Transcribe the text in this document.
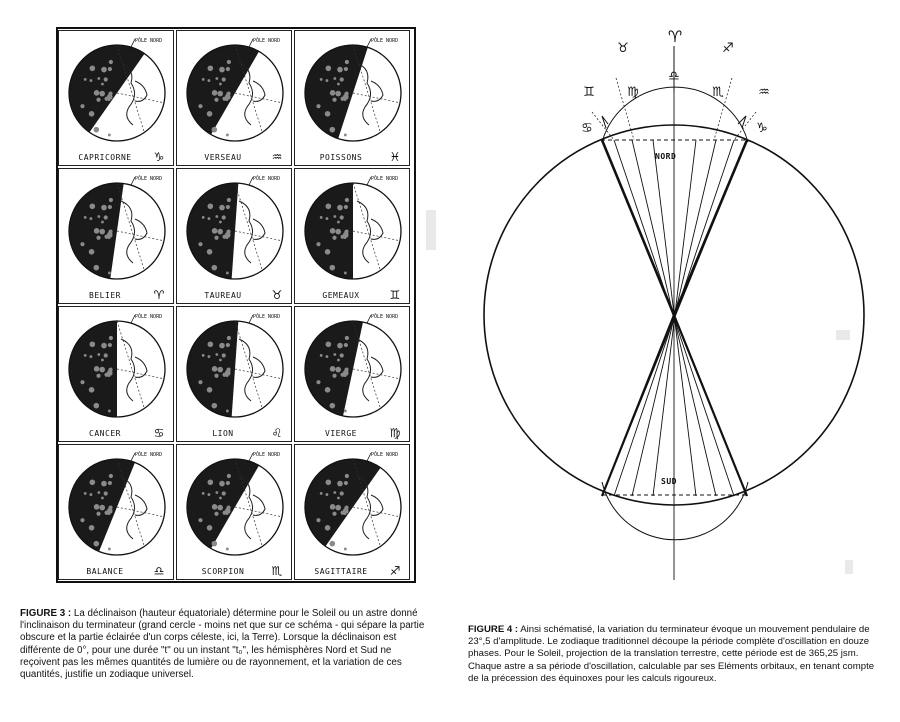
FIGURE 3 : La déclinaison (hauteur équatoriale) détermine pour le Soleil ou un astre donné l'inclinaison du terminateur (grand cercle - moins net que sur ce schéma - qui sépare la partie obscure et la partie éclairée d'un corps céleste, ici, la Terre). Lorsque la déclinaison est différente de 0°, pour une durée "t" ou un instant "t₀", les hémisphères Nord et Sud ne reçoivent pas les mêmes quantités de lumière ou de rayonnement, et la variation de ces quantités, justifie un zodiaque universel.
♈
♉	♐
♊	♍
♎
♏	♒
♋	♑
NORD
SUD
FIGURE 4 : Ainsi schématisé, la variation du terminateur évoque un mouvement pendulaire de 23°,5 d'amplitude. Le zodiaque traditionnel découpe la période complète d'oscillation en douze phases. Pour le Soleil, projection de la translation terrestre, cette période est de 365,25 jsm. Chaque astre a sa période d'oscillation, calculable par ses Eléments orbitaux, en tenant compte de la précession des équinoxes pour les calculs rigoureux.
PÔLE NORD
CAPRICORNE	♑
PÔLE NORD
VERSEAU	♒
PÔLE NORD
POISSONS	♓
PÔLE NORD
BELIER	♈
PÔLE NORD
TAUREAU	♉
PÔLE NORD
GEMEAUX	♊
PÔLE NORD
CANCER	♋
PÔLE NORD
LION	♌
PÔLE NORD
VIERGE	♍
PÔLE NORD
BALANCE	♎
PÔLE NORD
SCORPION	♏
PÔLE NORD
SAGITTAIRE	♐
